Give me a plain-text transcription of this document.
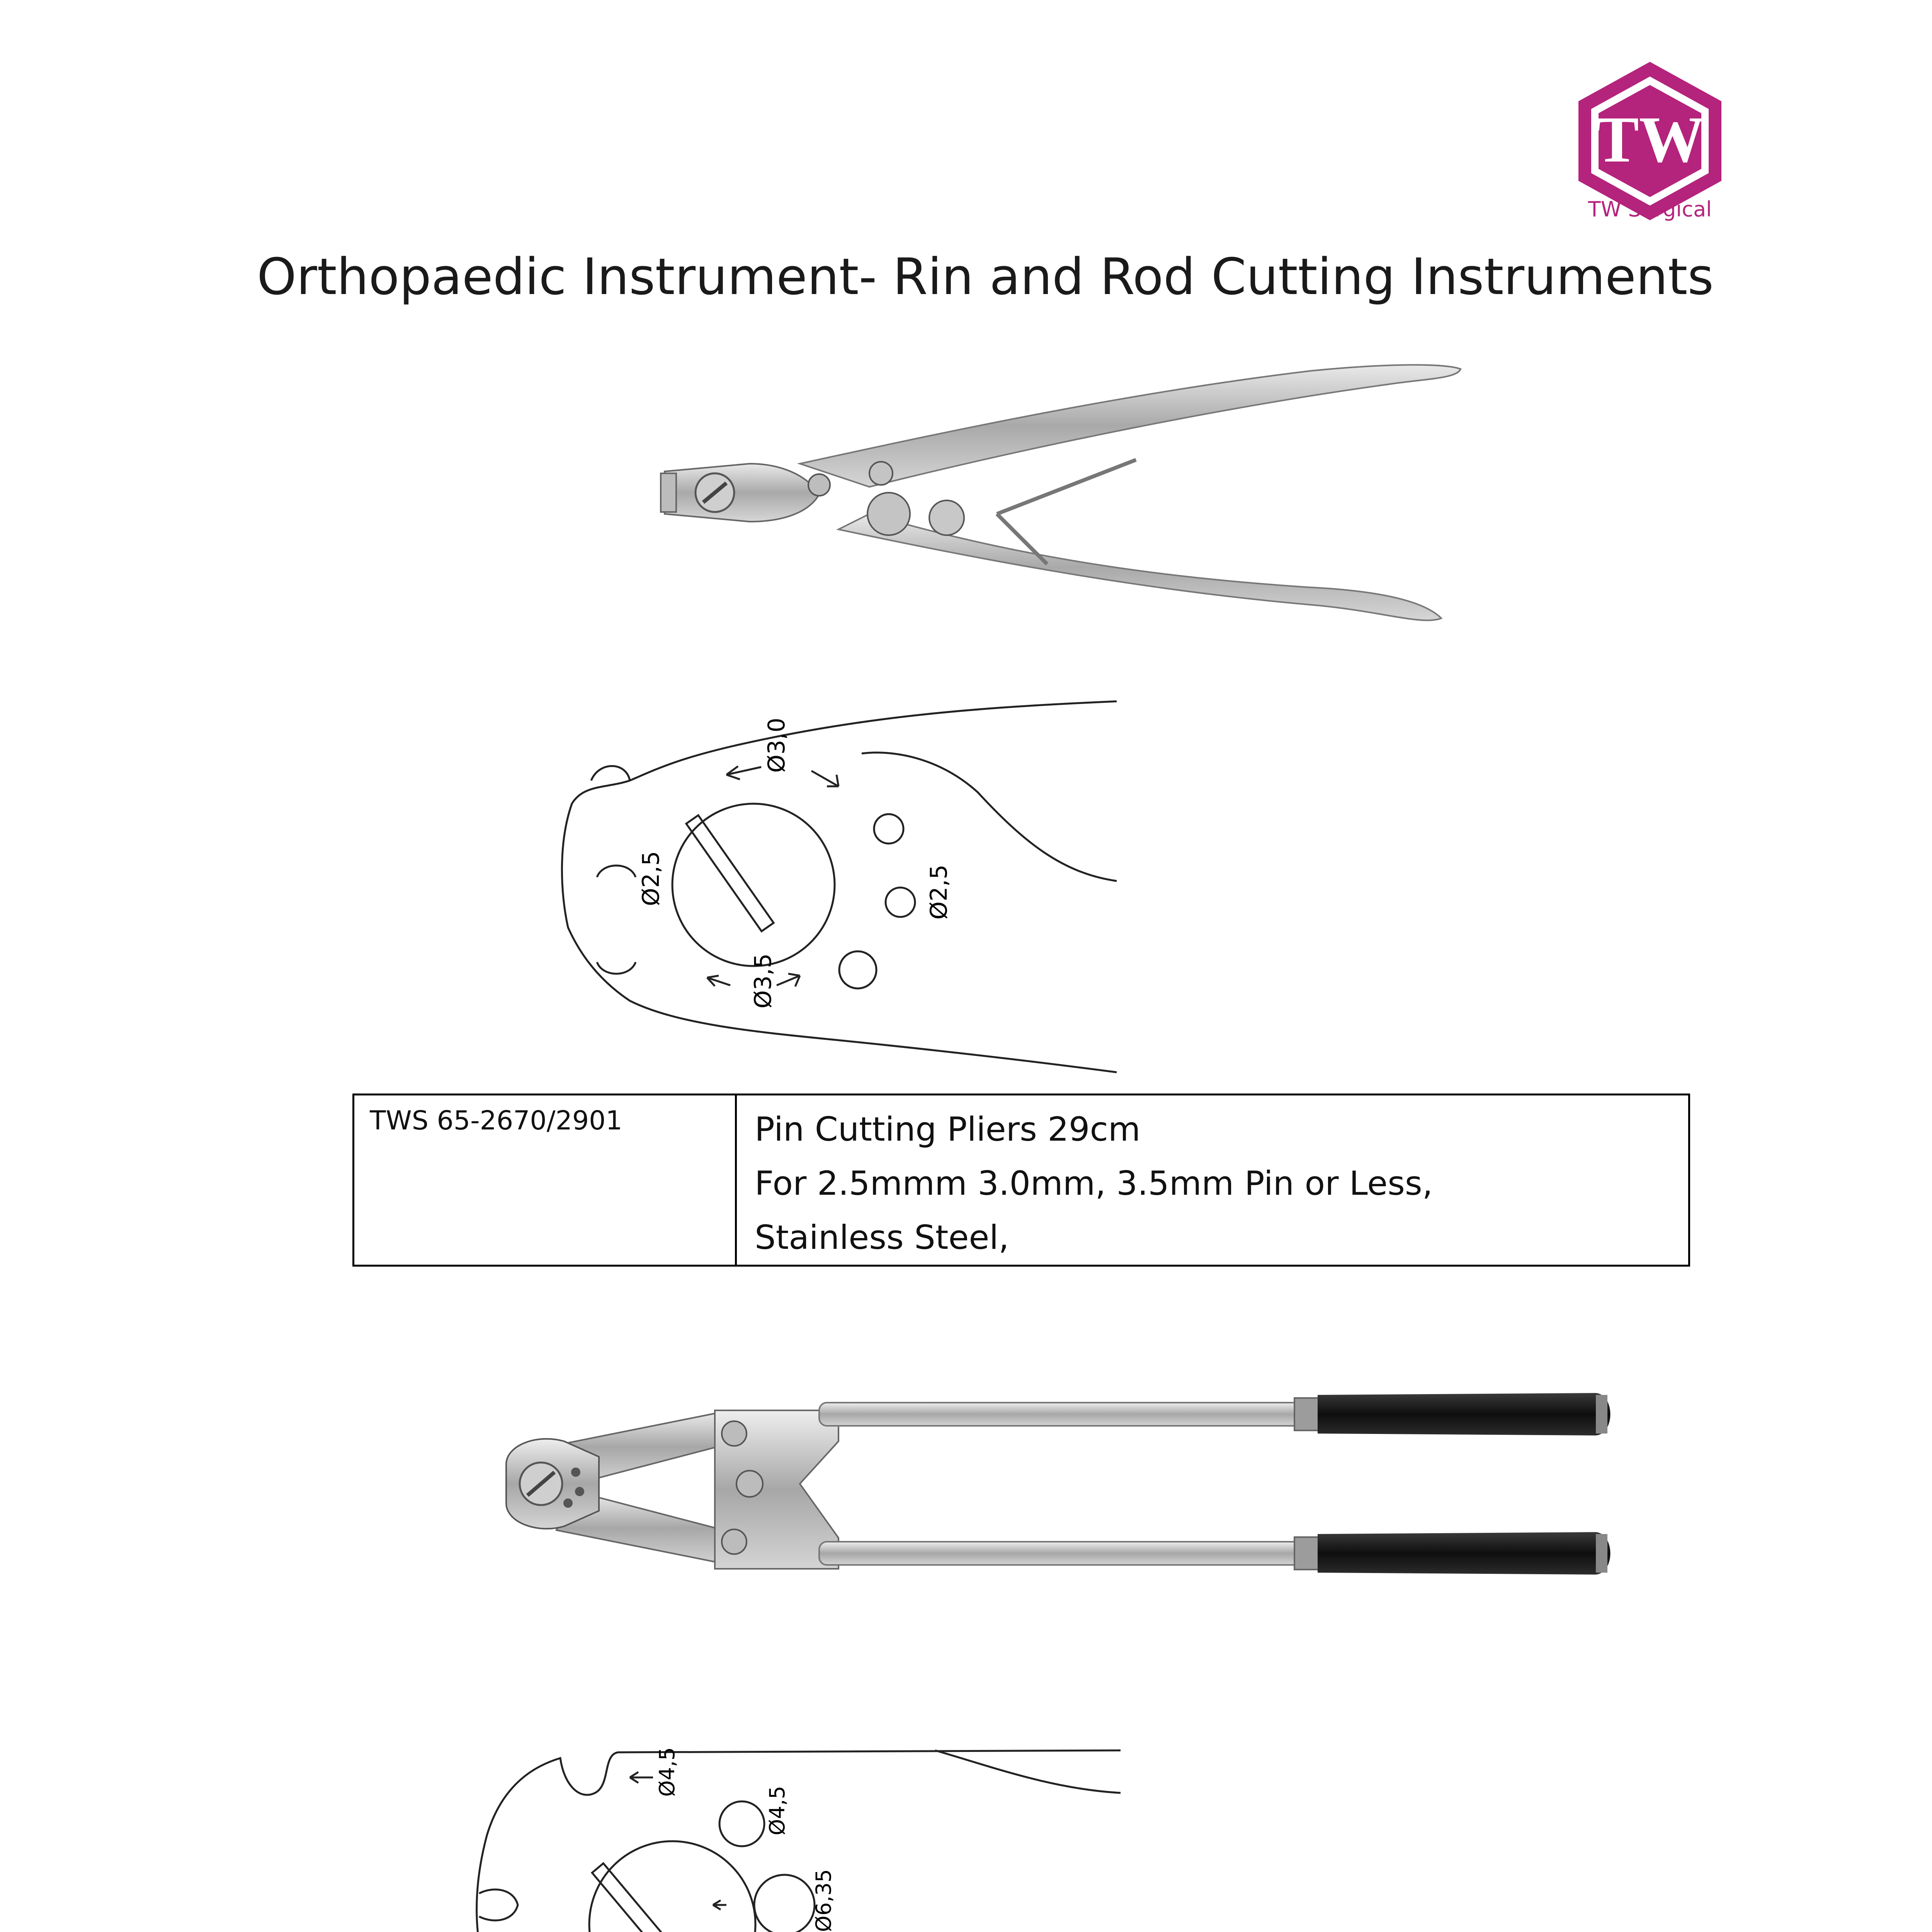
TW
TW Surgical
Orthopaedic Instrument- Rin and Rod Cutting Instruments
Ø3,0
Ø2,5	Ø2,5
Ø3,5
TWS 65-2670/2901	Pin Cutting Pliers 29cm
For 2.5mmm 3.0mm, 3.5mm Pin or Less,
Stainless Steel,
Ø4,5
Ø4,5
Ø6,35
